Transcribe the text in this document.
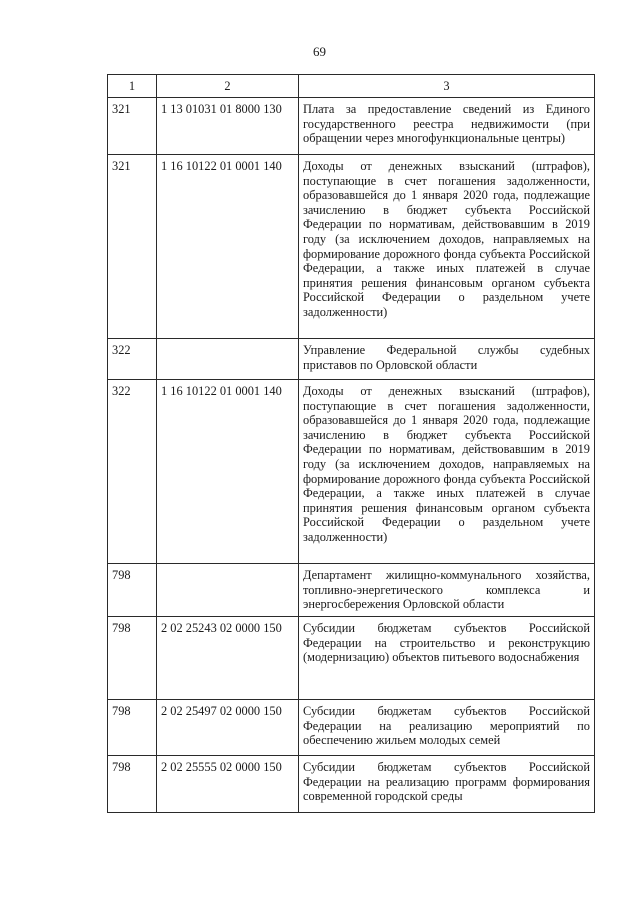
69
1	2	3
321	1 13 01031 01 8000 130	Плата за предоставление сведений из Единого государственного реестра недвижимости (при обращении через многофункциональные центры)
321	1 16 10122 01 0001 140	Доходы от денежных взысканий (штрафов), поступающие в счет погашения задолженности, образовавшейся до 1 января 2020 года, подлежащие зачислению в бюджет субъекта Российской Федерации по нормативам, действовавшим в 2019 году (за исключением доходов, направляемых на формирование дорожного фонда субъекта Российской Федерации, а также иных платежей в случае принятия решения финансовым органом субъекта Российской Федерации о раздельном учете задолженности)
322		Управление Федеральной службы судебных приставов по Орловской области
322	1 16 10122 01 0001 140	Доходы от денежных взысканий (штрафов), поступающие в счет погашения задолженности, образовавшейся до 1 января 2020 года, подлежащие зачислению в бюджет субъекта Российской Федерации по нормативам, действовавшим в 2019 году (за исключением доходов, направляемых на формирование дорожного фонда субъекта Российской Федерации, а также иных платежей в случае принятия решения финансовым органом субъекта Российской Федерации о раздельном учете задолженности)
798		Департамент жилищно-коммунального хозяйства, топливно-энергетического комплекса и энергосбережения Орловской области
798	2 02 25243 02 0000 150	Субсидии бюджетам субъектов Российской Федерации на строительство и реконструкцию (модернизацию) объектов питьевого водоснабжения
798	2 02 25497 02 0000 150	Субсидии бюджетам субъектов Российской Федерации на реализацию мероприятий по обеспечению жильем молодых семей
798	2 02 25555 02 0000 150	Субсидии бюджетам субъектов Российской Федерации на реализацию программ формирования современной городской среды
